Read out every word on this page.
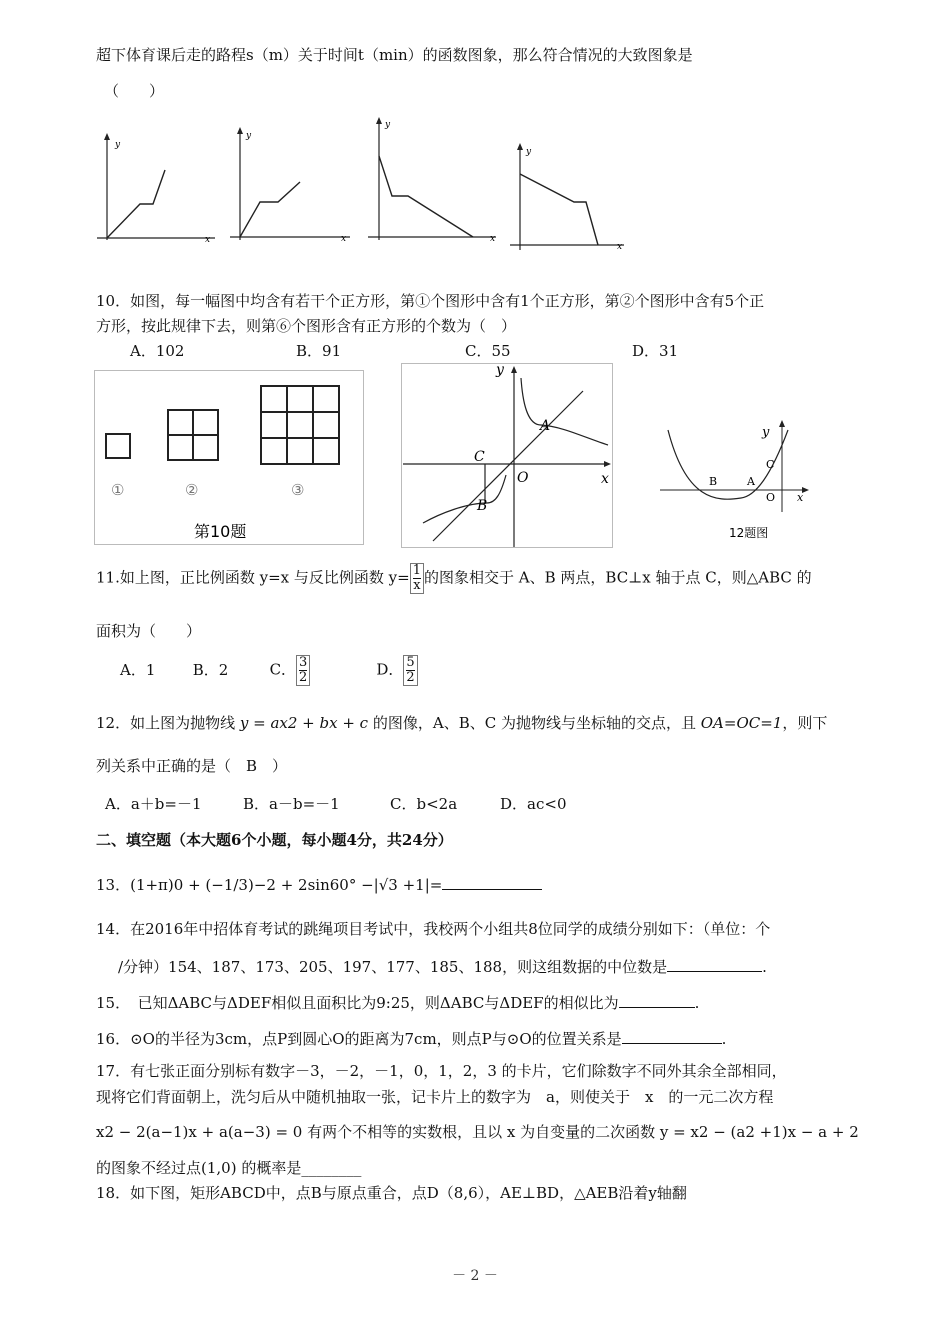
超下体育课后走的路程s（m）关于时间t（min）的函数图象，那么符合情况的大致图象是
（　　）
y
x
y
x
y
x
y
x
10．如图，每一幅图中均含有若干个正方形，第①个图形中含有1个正方形，第②个图形中含有5个正
方形，按此规律下去，则第⑥个图形含有正方形的个数为（　）
A．102	B．91	C．55	D．31
①	②	③
第10题
y
x
A
B
C
O
y
x
B	A
C
O
12题图
11.如上图，正比例函数 y=x 与反比例函数 $y= \frac{1}{x}$ 的图象相交于 A、B 两点，BC⊥x 轴于点 C，则△ABC 的
面积为（　　）
A．1 B．2	C． $\frac{3}{2}$	D． $\frac{5}{2}$
12．如上图为抛物线 y = ax2 + bx + c 的图像，A、B、C 为抛物线与坐标轴的交点，且 OA=OC=1，则下
列关系中正确的是（　B　）
A．a＋b=－1	B．a－b=－1	C．b<2a	D．ac<0
二、填空题（本大题6个小题，每小题4分，共24分）
13．(1+π)0 + (−1/3)−2 + 2sin60° −|√3 +1|=
14．在2016年中招体育考试的跳绳项目考试中，我校两个小组共8位同学的成绩分别如下：（单位：个
/分钟）154、187、173、205、197、177、185、188，则这组数据的中位数是	.
15．　已知ΔABC与ΔDEF相似且面积比为9:25，则ΔABC与ΔDEF的相似比为	.
16．⊙O的半径为3cm，点P到圆心O的距离为7cm，则点P与⊙O的位置关系是	.
17．有七张正面分别标有数字－3，－2，－1，0，1，2，3 的卡片，它们除数字不同外其余全部相同，
现将它们背面朝上，洗匀后从中随机抽取一张，记卡片上的数字为　a，则使关于　x　的一元二次方程
x2 − 2(a−1)x + a(a−3) = 0 有两个不相等的实数根，且以 x 为自变量的二次函数 y = x2 − (a2 +1)x − a + 2
的图象不经过点(1,0) 的概率是________
18．如下图，矩形ABCD中，点B与原点重合，点D（8,6），AE⊥BD，△AEB沿着y轴翻
－ 2 －
